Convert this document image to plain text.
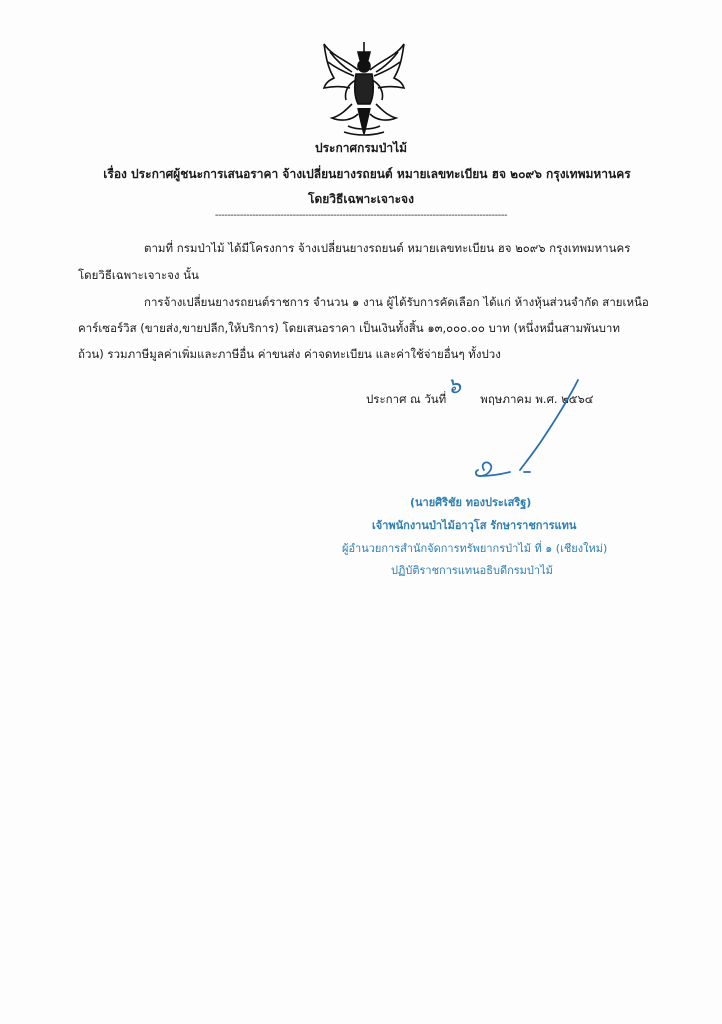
ประกาศกรมป่าไม้
เรื่อง ประกาศผู้ชนะการเสนอราคา จ้างเปลี่ยนยางรถยนต์ หมายเลขทะเบียน ฮจ ๒๐๙๖ กรุงเทพมหานคร
โดยวิธีเฉพาะเจาะจง
----------------------------------------------------------------------------------------------
ตามที่ กรมป่าไม้ ได้มีโครงการ จ้างเปลี่ยนยางรถยนต์ หมายเลขทะเบียน ฮจ ๒๐๙๖ กรุงเทพมหานคร
โดยวิธีเฉพาะเจาะจง นั้น
การจ้างเปลี่ยนยางรถยนต์ราชการ จำนวน ๑ งาน ผู้ได้รับการคัดเลือก ได้แก่ ห้างหุ้นส่วนจำกัด สายเหนือ
คาร์เซอร์วิส (ขายส่ง,ขายปลีก,ให้บริการ) โดยเสนอราคา เป็นเงินทั้งสิ้น ๑๓,๐๐๐.๐๐ บาท (หนึ่งหมื่นสามพันบาท
ถ้วน) รวมภาษีมูลค่าเพิ่มและภาษีอื่น ค่าขนส่ง ค่าจดทะเบียน และค่าใช้จ่ายอื่นๆ ทั้งปวง
ประกาศ ณ วันที่	พฤษภาคม พ.ศ. ๒๕๖๔
๖
(นายศิริชัย ทองประเสริฐ)
เจ้าพนักงานป่าไม้อาวุโส รักษาราชการแทน
ผู้อำนวยการสำนักจัดการทรัพยากรป่าไม้ ที่ ๑ (เชียงใหม่)
ปฏิบัติราชการแทนอธิบดีกรมป่าไม้
